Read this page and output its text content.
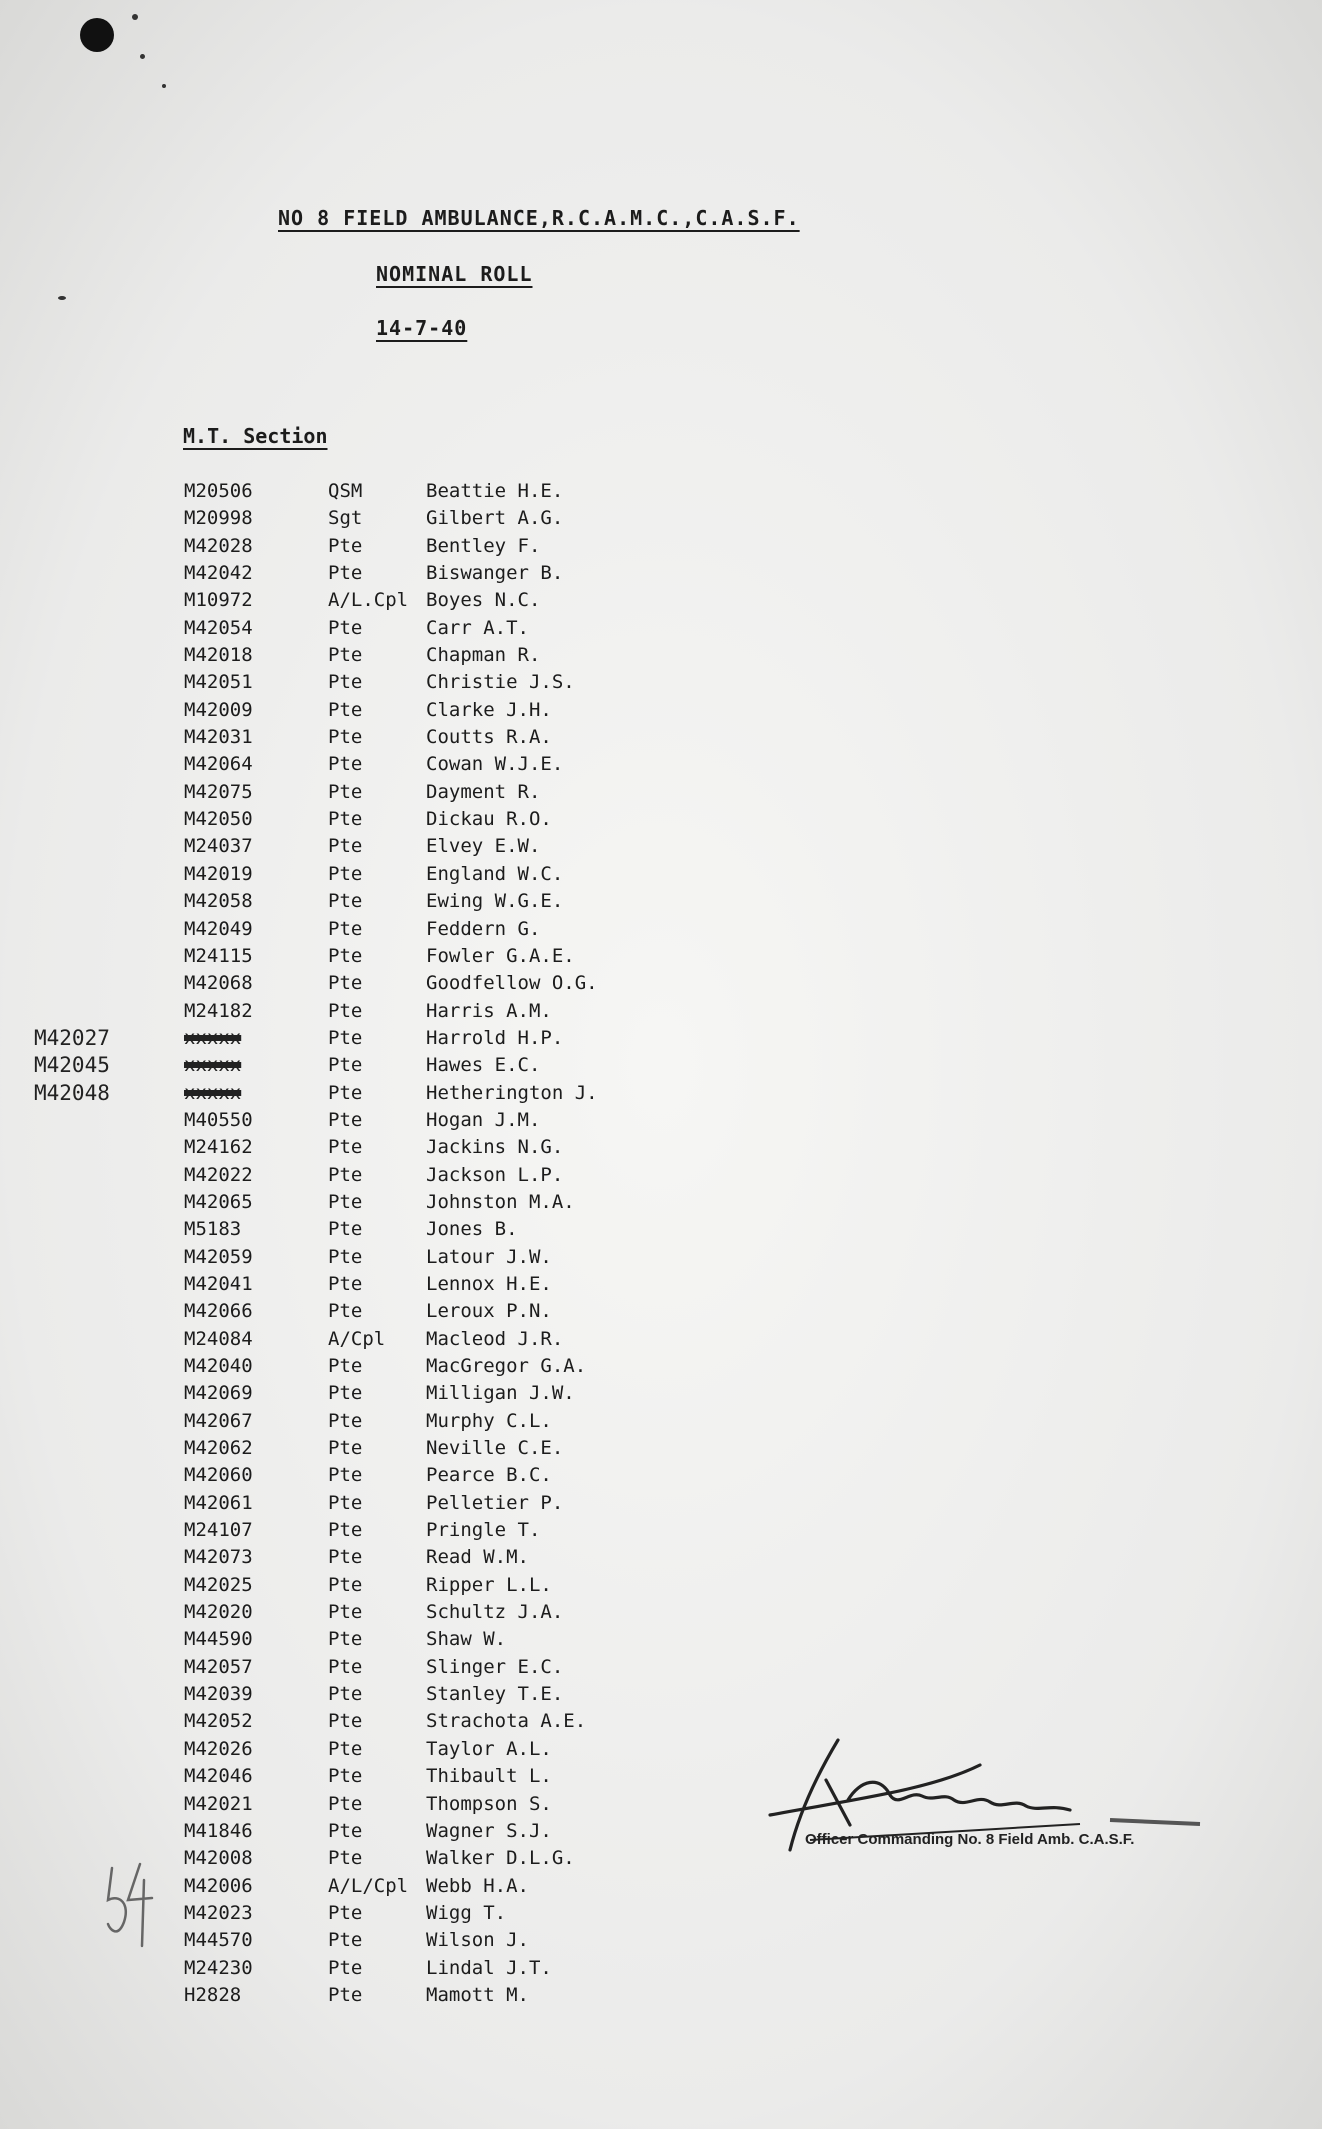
NO 8 FIELD AMBULANCE,R.C.A.M.C.,C.A.S.F.
NOMINAL ROLL
14-7-40
M.T. Section
M20506	QSM	Beattie H.E.
M20998	Sgt	Gilbert A.G.
M42028	Pte	Bentley F.
M42042	Pte	Biswanger B.
M10972	A/L.Cpl Boyes N.C.
M42054	Pte	Carr A.T.
M42018	Pte	Chapman R.
M42051	Pte	Christie J.S.
M42009	Pte	Clarke J.H.
M42031	Pte	Coutts R.A.
M42064	Pte	Cowan W.J.E.
M42075	Pte	Dayment R.
M42050	Pte	Dickau R.O.
M24037	Pte	Elvey E.W.
M42019	Pte	England W.C.
M42058	Pte	Ewing W.G.E.
M42049	Pte	Feddern G.
M24115	Pte	Fowler G.A.E.
M42068	Pte	Goodfellow O.G.
M24182	Pte	Harris A.M.
M42027	xxxxx	Pte	Harrold H.P.
M42045	xxxxx	Pte	Hawes E.C.
M42048	xxxxx	Pte	Hetherington J.
M40550	Pte	Hogan J.M.
M24162	Pte	Jackins N.G.
M42022	Pte	Jackson L.P.
M42065	Pte	Johnston M.A.
M5183	Pte	Jones B.
M42059	Pte	Latour J.W.
M42041	Pte	Lennox H.E.
M42066	Pte	Leroux P.N.
M24084	A/Cpl	Macleod J.R.
M42040	Pte	MacGregor G.A.
M42069	Pte	Milligan J.W.
M42067	Pte	Murphy C.L.
M42062	Pte	Neville C.E.
M42060	Pte	Pearce B.C.
M42061	Pte	Pelletier P.
M24107	Pte	Pringle T.
M42073	Pte	Read W.M.
M42025	Pte	Ripper L.L.
M42020	Pte	Schultz J.A.
M44590	Pte	Shaw W.
M42057	Pte	Slinger E.C.
M42039	Pte	Stanley T.E.
M42052	Pte	Strachota A.E.
M42026	Pte	Taylor A.L.
M42046	Pte	Thibault L.
M42021	Pte	Thompson S.
M41846	Pte	Wagner S.J.
M42008	Pte	Walker D.L.G.
M42006	A/L/Cpl Webb H.A.
M42023	Pte	Wigg T.
M44570	Pte	Wilson J.
M24230	Pte	Lindal J.T.
H2828	Pte	Mamott M.
Officer Commanding No. 8 Field Amb. C.A.S.F.
